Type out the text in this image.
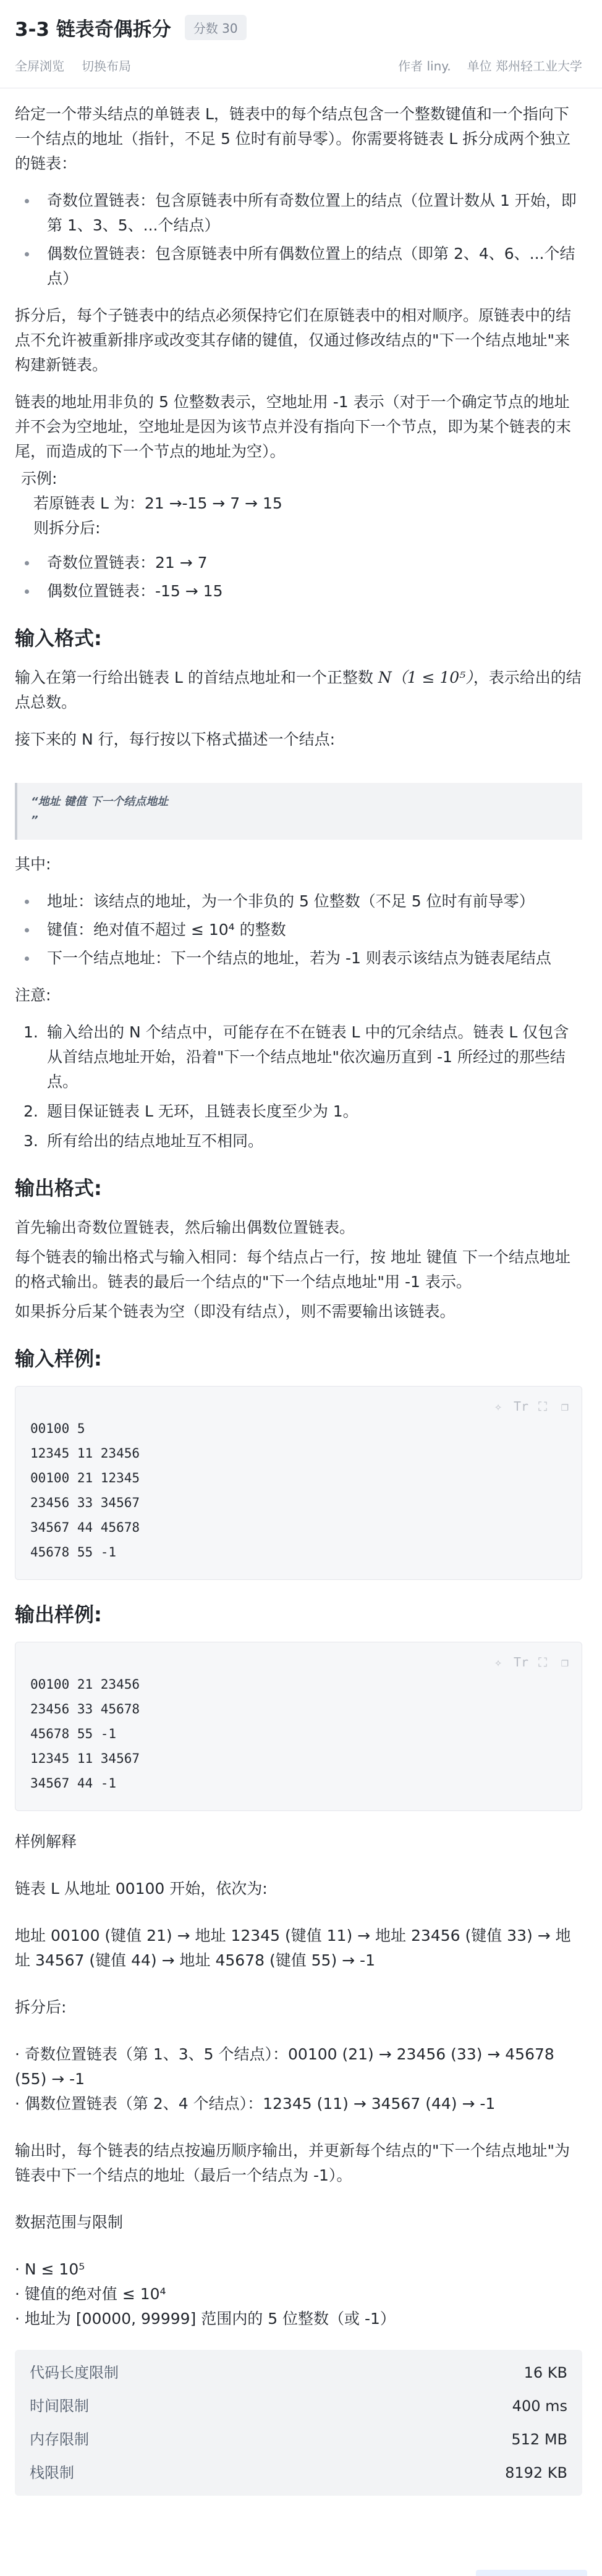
3-3 链表奇偶拆分	分数 30
全屏浏览 切换布局	作者 liny. 单位 郑州轻工业大学

给定一个带头结点的单链表 L，链表中的每个结点包含一个整数键值和一个指向下一个结点的地址（指针，不足 5 位时有前导零）。你需要将链表 L 拆分成两个独立的链表：

奇数位置链表：包含原链表中所有奇数位置上的结点（位置计数从 1 开始，即第 1、3、5、...个结点）
偶数位置链表：包含原链表中所有偶数位置上的结点（即第 2、4、6、...个结点）

拆分后，每个子链表中的结点必须保持它们在原链表中的相对顺序。原链表中的结点不允许被重新排序或改变其存储的键值，仅通过修改结点的"下一个结点地址"来构建新链表。

链表的地址用非负的 5 位整数表示，空地址用 -1 表示（对于一个确定节点的地址并不会为空地址，空地址是因为该节点并没有指向下一个节点，即为某个链表的末尾，而造成的下一个节点的地址为空）。

示例:
若原链表 L 为：21 →-15 → 7 → 15
则拆分后:
奇数位置链表：21 → 7
偶数位置链表：-15 → 15
输入格式:

输入在第一行给出链表 L 的首结点地址和一个正整数 N（1 ≤ 10⁵），表示给出的结点总数。

接下来的 N 行，每行按以下格式描述一个结点:

“地址 键值 下一个结点地址
”

其中:

地址：该结点的地址，为一个非负的 5 位整数（不足 5 位时有前导零）
键值：绝对值不超过 ≤ 10⁴ 的整数
下一个结点地址：下一个结点的地址，若为 -1 则表示该结点为链表尾结点

注意:

1. 输入给出的 N 个结点中，可能存在不在链表 L 中的冗余结点。链表 L 仅包含从首结点地址开始，沿着"下一个结点地址"依次遍历直到 -1 所经过的那些结点。
2. 题目保证链表 L 无环，且链表长度至少为 1。
3. 所有给出的结点地址互不相同。
输出格式:

首先输出奇数位置链表，然后输出偶数位置链表。

每个链表的输出格式与输入相同：每个结点占一行，按 地址 键值 下一个结点地址 的格式输出。链表的最后一个结点的"下一个结点地址"用 -1 表示。

如果拆分后某个链表为空（即没有结点），则不需要输出该链表。

输入样例:
✧ Tr ⛶ ❐
00100 5
12345 11 23456
00100 21 12345
23456 33 34567
34567 44 45678
45678 55 -1
输出样例:
✧ Tr ⛶ ❐
00100 21 23456
23456 33 45678
45678 55 -1
12345 11 34567
34567 44 -1

样例解释

链表 L 从地址 00100 开始，依次为:

地址 00100 (键值 21) → 地址 12345 (键值 11) → 地址 23456 (键值 33) → 地址 34567 (键值 44) → 地址 45678 (键值 55) → -1

拆分后:

· 奇数位置链表（第 1、3、5 个结点）：00100 (21) → 23456 (33) → 45678 (55) → -1
· 偶数位置链表（第 2、4 个结点）：12345 (11) → 34567 (44) → -1

输出时，每个链表的结点按遍历顺序输出，并更新每个结点的"下一个结点地址"为链表中下一个结点的地址（最后一个结点为 -1）。

数据范围与限制

· N ≤ 10⁵
· 键值的绝对值 ≤ 10⁴
· 地址为 [00000, 99999] 范围内的 5 位整数（或 -1）
代码长度限制	16 KB
时间限制	400 ms
内存限制	512 MB
栈限制	8192 KB
